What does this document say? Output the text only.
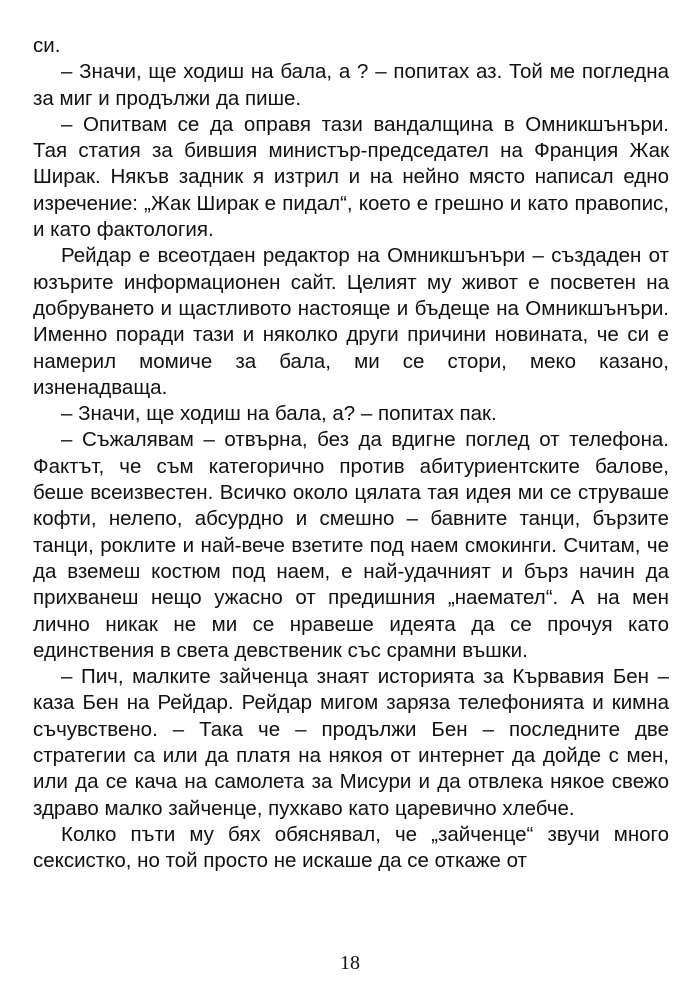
си.

– Значи, ще ходиш на бала, а ? – попитах аз. Той ме погледна за миг и продължи да пише.

– Опитвам се да оправя тази вандалщина в Омникшънъри. Тая статия за бившия министър-председател на Франция Жак Ширак. Някъв задник я изтрил и на нейно място написал едно изречение: „Жак Ширак е пидал“, което е грешно и като правопис, и като фактология.

Рейдар е всеотдаен редактор на Омникшънъри – създаден от юзърите информационен сайт. Целият му живот е посветен на добруването и щастливото настояще и бъдеще на Омникшънъри. Именно поради тази и няколко други причини новината, че си е намерил момиче за бала, ми се стори, меко казано, изненадваща.

– Значи, ще ходиш на бала, а? – попитах пак.

– Съжалявам – отвърна, без да вдигне поглед от телефона. Фактът, че съм категорично против абитуриентските балове, беше всеизвестен. Всичко около цялата тая идея ми се струваше кофти, нелепо, абсурдно и смешно – бавните танци, бързите танци, роклите и най-вече взетите под наем смокинги. Считам, че да вземеш костюм под наем, е най-удачният и бърз начин да прихванеш нещо ужасно от предишния „наемател“. А на мен лично никак не ми се нравеше идеята да се прочуя като единствения в света девственик със срамни въшки.

– Пич, малките зайченца знаят историята за Кървавия Бен – каза Бен на Рейдар. Рейдар мигом заряза телефонията и кимна съчувствено. – Така че – продължи Бен – последните две стратегии са или да платя на някоя от интернет да дойде с мен, или да се кача на самолета за Мисури и да отвлека някое свежо здраво малко зайченце, пухкаво като царевично хлебче.

Колко пъти му бях обяснявал, че „зайченце“ звучи много сексистко, но той просто не искаше да се откаже от

18
